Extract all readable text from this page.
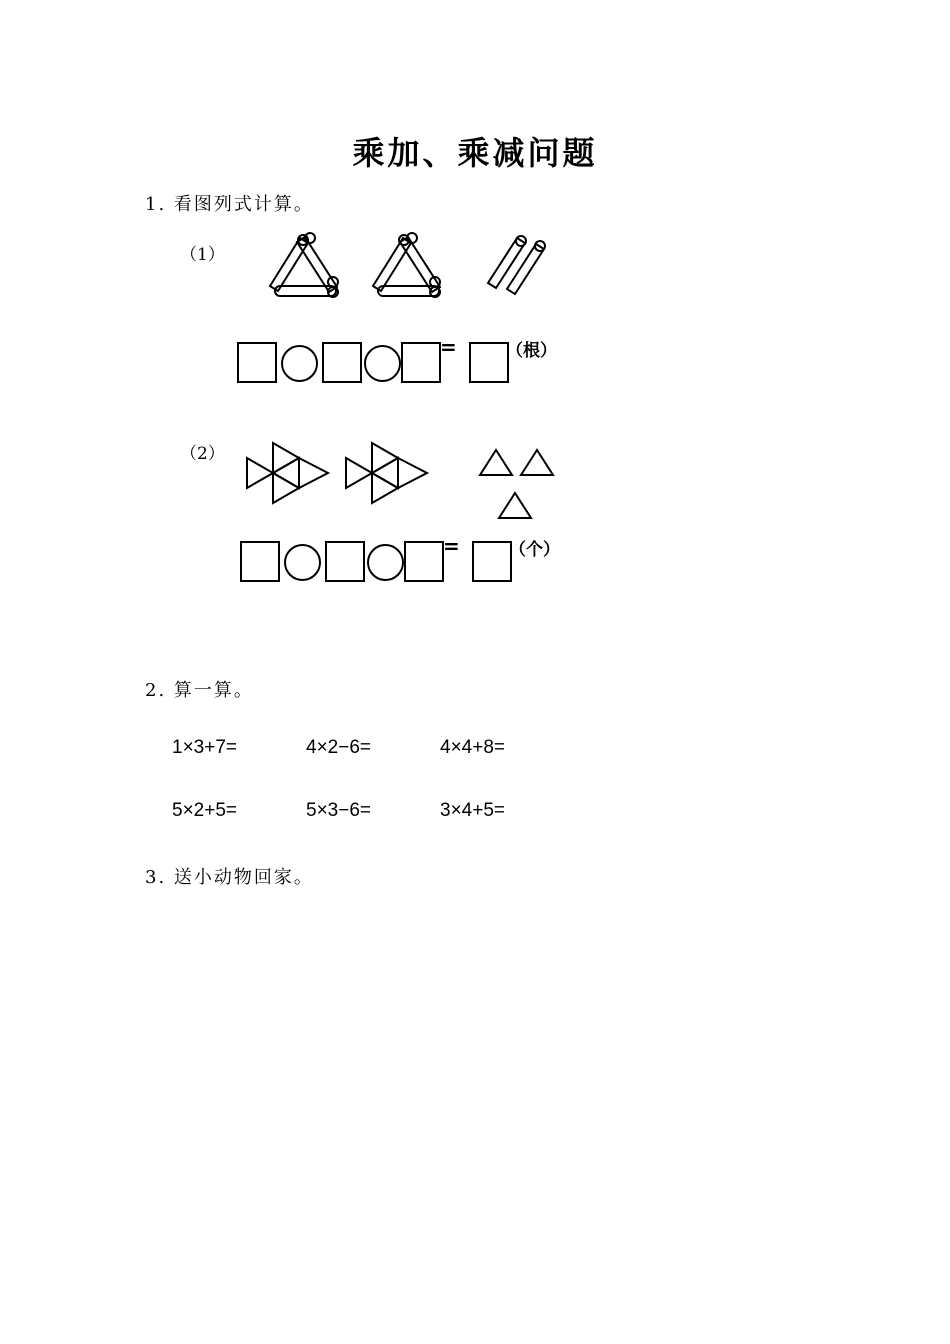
乘加、乘减问题
1. 看图列式计算。
（1）
=	（根）
（2）
=	（个）
2. 算一算。
1×3+7=	4×2−6=	4×4+8=
5×2+5=	5×3−6=	3×4+5=
3. 送小动物回家。
